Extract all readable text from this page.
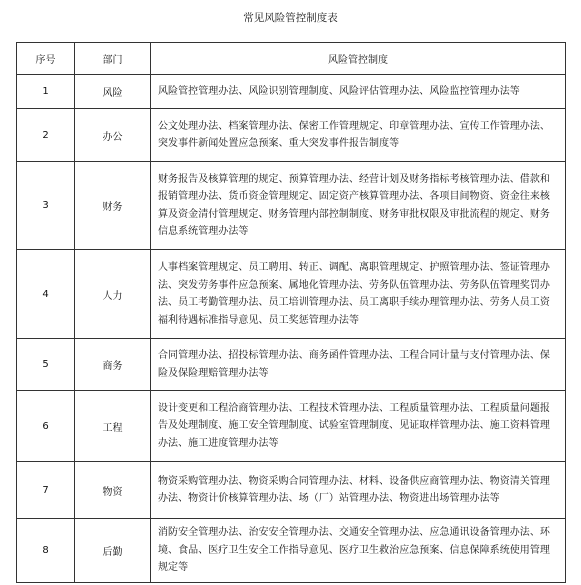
常见风险管控制度表
序号	部门	风险管控制度
1	风险	风险管控管理办法、风险识别管理制度、风险评估管理办法、风险监控管理办法等

2	办公	公文处理办法、档案管理办法、保密工作管理规定、印章管理办法、宣传工作管理办法、突发事件新闻处置应急预案、重大突发事件报告制度等

3	财务	财务报告及核算管理的规定、预算管理办法、经营计划及财务指标考核管理办法、借款和报销管理办法、货币资金管理规定、固定资产核算管理办法、各项目间物资、资金往来核算及资金清付管理规定、财务管理内部控制制度、财务审批权限及审批流程的规定、财务信息系统管理办法等

4	人力	人事档案管理规定、员工聘用、转正、调配、离职管理规定、护照管理办法、签证管理办法、突发劳务事件应急预案、属地化管理办法、劳务队伍管理办法、劳务队伍管理奖罚办法、员工考勤管理办法、员工培训管理办法、员工离职手续办理管理办法、劳务人员工资福利待遇标准指导意见、员工奖惩管理办法等

5	商务	合同管理办法、招投标管理办法、商务函件管理办法、工程合同计量与支付管理办法、保险及保险理赔管理办法等

6	工程	设计变更和工程洽商管理办法、工程技术管理办法、工程质量管理办法、工程质量问题报告及处理制度、施工安全管理制度、试验室管理制度、见证取样管理办法、施工资料管理办法、施工进度管理办法等

7	物资	物资采购管理办法、物资采购合同管理办法、材料、设备供应商管理办法、物资清关管理办法、物资计价核算管理办法、场（厂）站管理办法、物资进出场管理办法等

8	后勤	消防安全管理办法、治安安全管理办法、交通安全管理办法、应急通讯设备管理办法、环境、食品、医疗卫生安全工作指导意见、医疗卫生救治应急预案、信息保障系统使用管理规定等
